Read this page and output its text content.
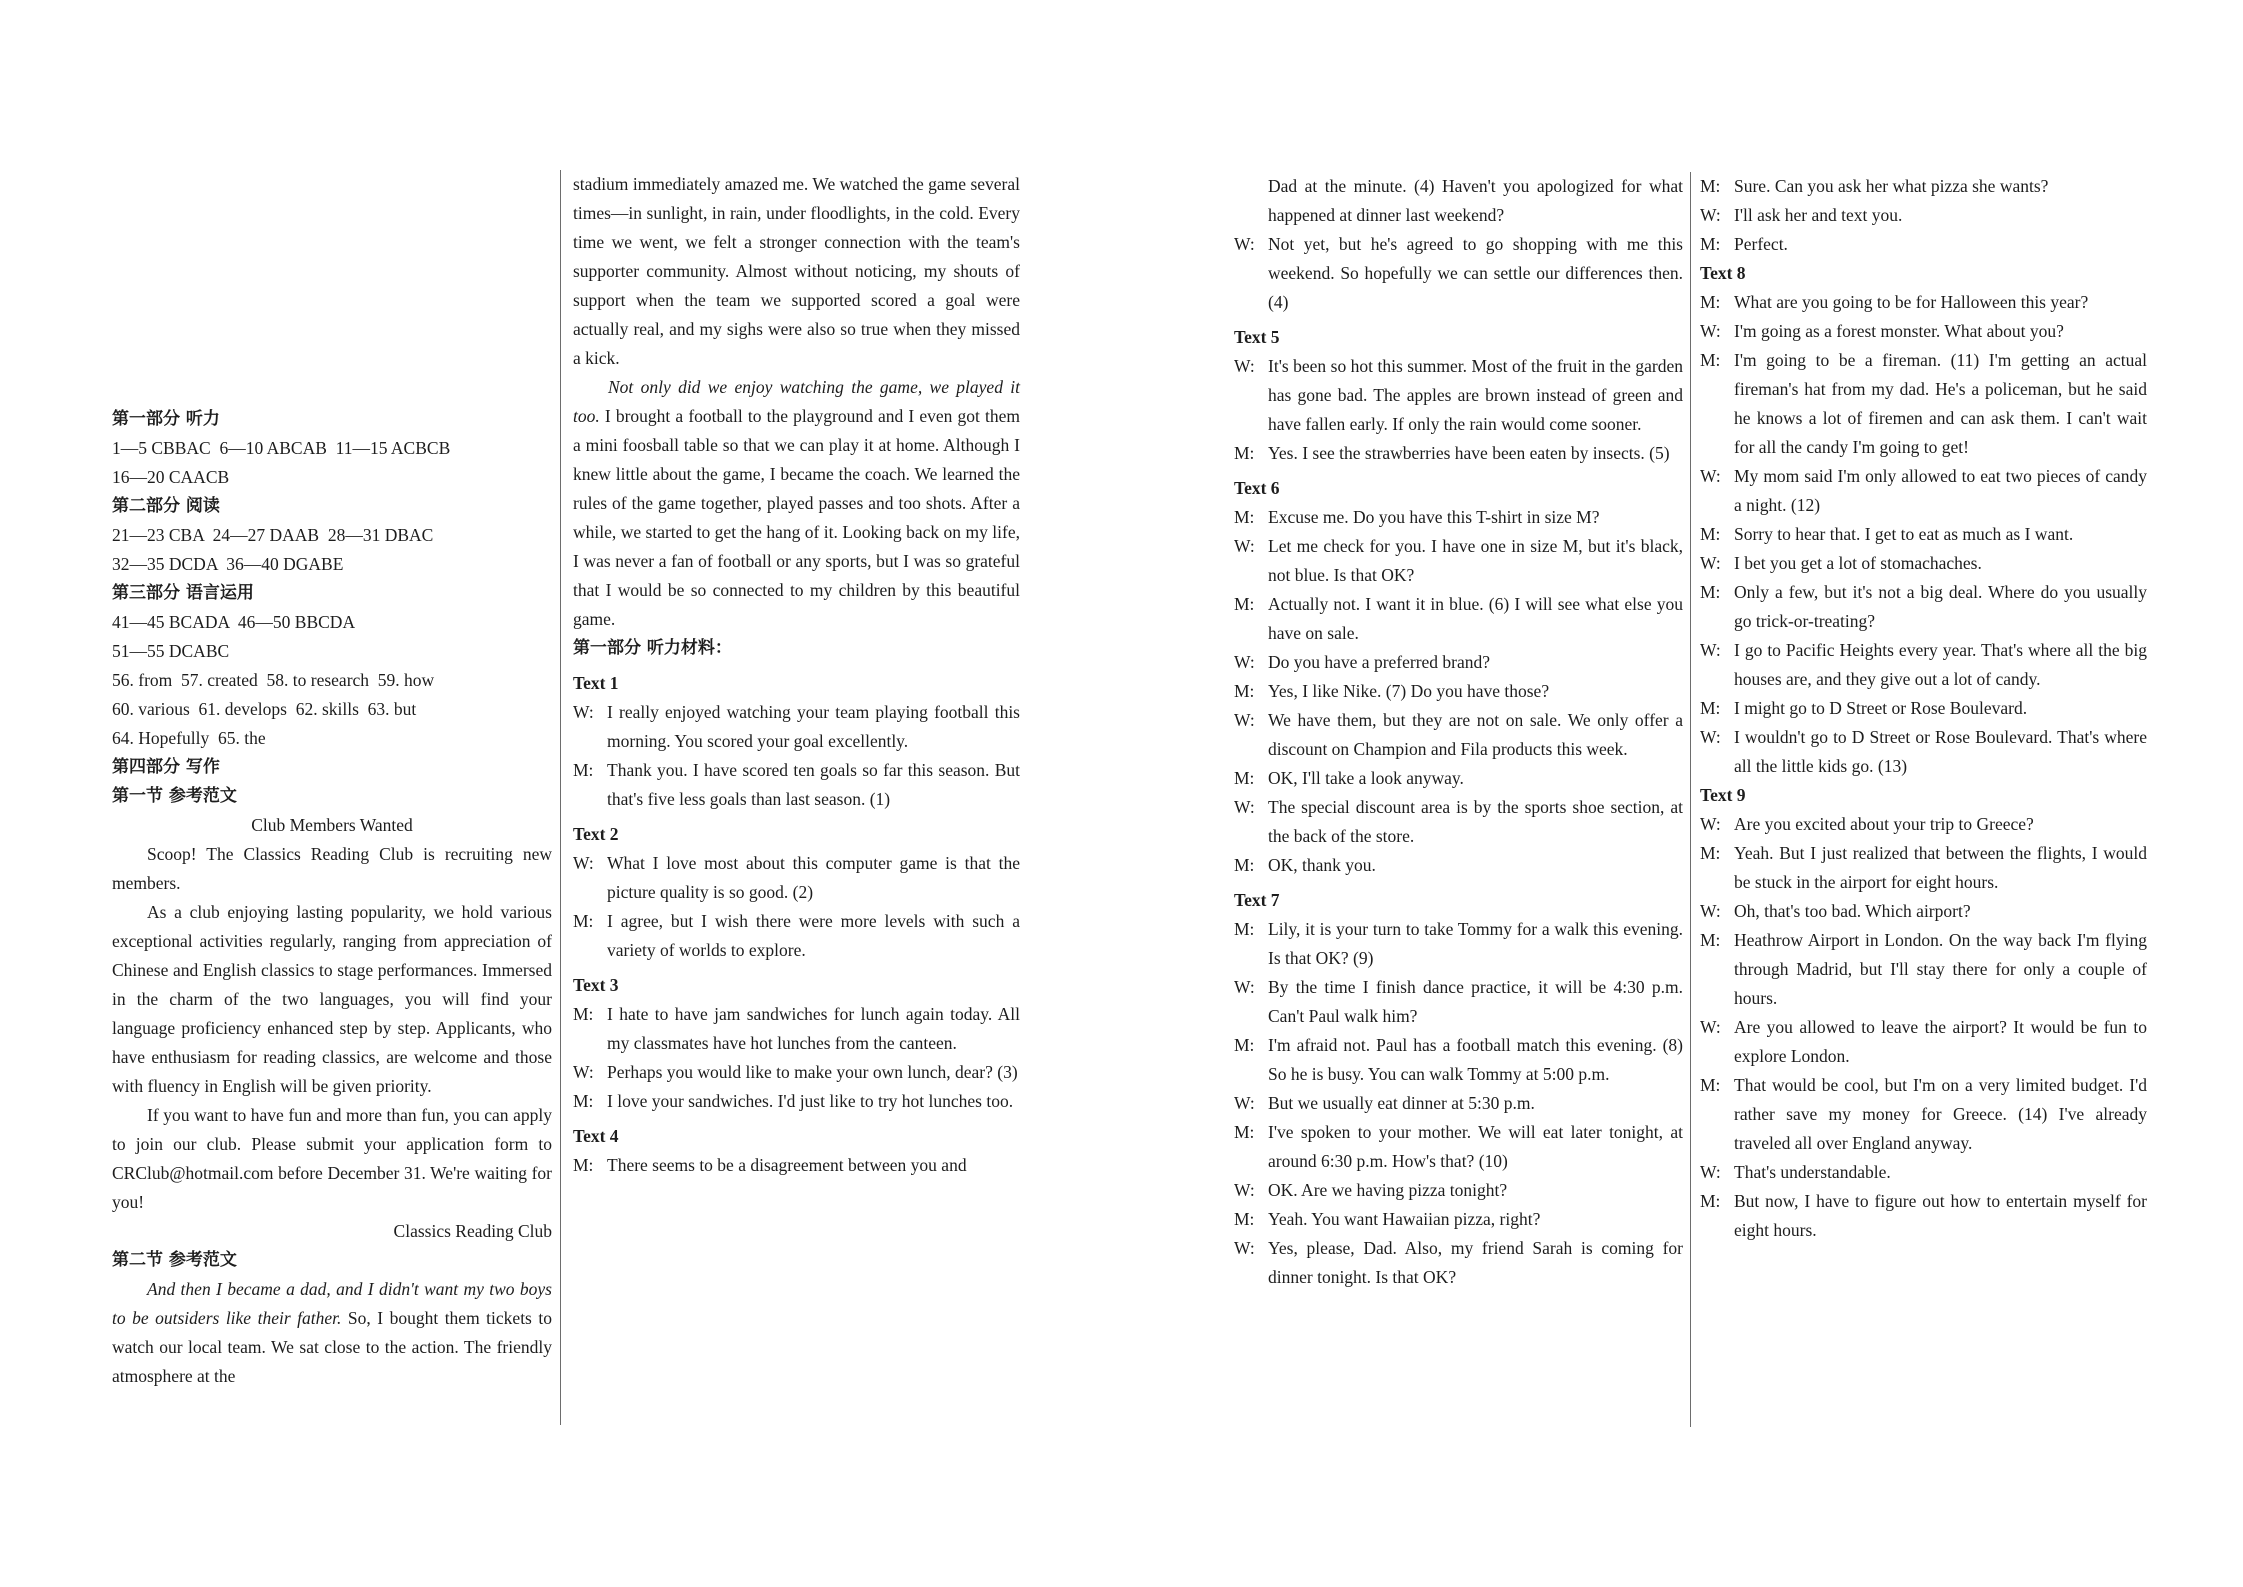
第一部分 听力

1—5 CBBAC  6—10 ABCAB  11—15 ACBCB

16—20 CAACB

第二部分 阅读

21—23 CBA  24—27 DAAB  28—31 DBAC

32—35 DCDA  36—40 DGABE

第三部分 语言运用

41—45 BCADA  46—50 BBCDA

51—55 DCABC

56. from  57. created  58. to research  59. how

60. various  61. develops  62. skills  63. but

64. Hopefully  65. the

第四部分 写作

第一节 参考范文

Club Members Wanted

Scoop! The Classics Reading Club is recruiting new members.

As a club enjoying lasting popularity, we hold various exceptional activities regularly, ranging from appreciation of Chinese and English classics to stage performances. Immersed in the charm of the two languages, you will find your language proficiency enhanced step by step. Applicants, who have enthusiasm for reading classics, are welcome and those with fluency in English will be given priority.

If you want to have fun and more than fun, you can apply to join our club. Please submit your application form to CRClub@hotmail.com before December 31. We're waiting for you!

Classics Reading Club

第二节 参考范文

And then I became a dad, and I didn't want my two boys to be outsiders like their father. So, I bought them tickets to watch our local team. We sat close to the action. The friendly atmosphere at the

stadium immediately amazed me. We watched the game several times—in sunlight, in rain, under floodlights, in the cold. Every time we went, we felt a stronger connection with the team's supporter community. Almost without noticing, my shouts of support when the team we supported scored a goal were actually real, and my sighs were also so true when they missed a kick.

Not only did we enjoy watching the game, we played it too. I brought a football to the playground and I even got them a mini foosball table so that we can play it at home. Although I knew little about the game, I became the coach. We learned the rules of the game together, played passes and too shots. After a while, we started to get the hang of it. Looking back on my life, I was never a fan of football or any sports, but I was so grateful that I would be so connected to my children by this beautiful game.

第一部分 听力材料：

Text 1

W: I really enjoyed watching your team playing football this morning. You scored your goal excellently.

M: Thank you. I have scored ten goals so far this season. But that's five less goals than last season. (1)

Text 2

W: What I love most about this computer game is that the picture quality is so good. (2)

M: I agree, but I wish there were more levels with such a variety of worlds to explore.

Text 3

M: I hate to have jam sandwiches for lunch again today. All my classmates have hot lunches from the canteen.

W: Perhaps you would like to make your own lunch, dear? (3)

M: I love your sandwiches. I'd just like to try hot lunches too.

Text 4

M: There seems to be a disagreement between you and

Dad at the minute. (4) Haven't you apologized for what happened at dinner last weekend?

W: Not yet, but he's agreed to go shopping with me this weekend. So hopefully we can settle our differences then. (4)

Text 5

W: It's been so hot this summer. Most of the fruit in the garden has gone bad. The apples are brown instead of green and have fallen early. If only the rain would come sooner.

M: Yes. I see the strawberries have been eaten by insects. (5)

Text 6

M: Excuse me. Do you have this T-shirt in size M?

W: Let me check for you. I have one in size M, but it's black, not blue. Is that OK?

M: Actually not. I want it in blue. (6) I will see what else you have on sale.

W: Do you have a preferred brand?

M: Yes, I like Nike. (7) Do you have those?

W: We have them, but they are not on sale. We only offer a discount on Champion and Fila products this week.

M: OK, I'll take a look anyway.

W: The special discount area is by the sports shoe section, at the back of the store.

M: OK, thank you.

Text 7

M: Lily, it is your turn to take Tommy for a walk this evening. Is that OK? (9)

W: By the time I finish dance practice, it will be 4:30 p.m. Can't Paul walk him?

M: I'm afraid not. Paul has a football match this evening. (8) So he is busy. You can walk Tommy at 5:00 p.m.

W: But we usually eat dinner at 5:30 p.m.

M: I've spoken to your mother. We will eat later tonight, at around 6:30 p.m. How's that? (10)

W: OK. Are we having pizza tonight?

M: Yeah. You want Hawaiian pizza, right?

W: Yes, please, Dad. Also, my friend Sarah is coming for dinner tonight. Is that OK?

M: Sure. Can you ask her what pizza she wants?

W: I'll ask her and text you.

M: Perfect.

Text 8

M: What are you going to be for Halloween this year?

W: I'm going as a forest monster. What about you?

M: I'm going to be a fireman. (11) I'm getting an actual fireman's hat from my dad. He's a policeman, but he said he knows a lot of firemen and can ask them. I can't wait for all the candy I'm going to get!

W: My mom said I'm only allowed to eat two pieces of candy a night. (12)

M: Sorry to hear that. I get to eat as much as I want.

W: I bet you get a lot of stomachaches.

M: Only a few, but it's not a big deal. Where do you usually go trick-or-treating?

W: I go to Pacific Heights every year. That's where all the big houses are, and they give out a lot of candy.

M: I might go to D Street or Rose Boulevard.

W: I wouldn't go to D Street or Rose Boulevard. That's where all the little kids go. (13)

Text 9

W: Are you excited about your trip to Greece?

M: Yeah. But I just realized that between the flights, I would be stuck in the airport for eight hours.

W: Oh, that's too bad. Which airport?

M: Heathrow Airport in London. On the way back I'm flying through Madrid, but I'll stay there for only a couple of hours.

W: Are you allowed to leave the airport? It would be fun to explore London.

M: That would be cool, but I'm on a very limited budget. I'd rather save my money for Greece. (14) I've already traveled all over England anyway.

W: That's understandable.

M: But now, I have to figure out how to entertain myself for eight hours.
